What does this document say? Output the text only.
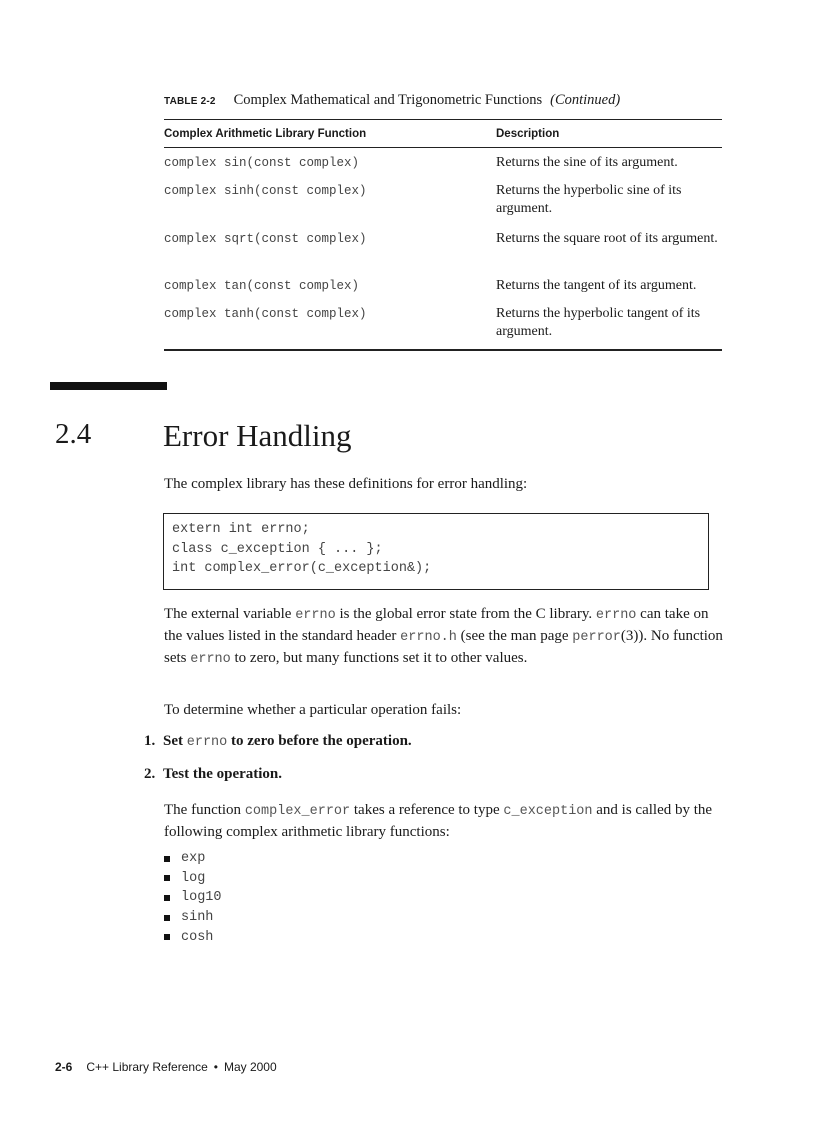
TABLE 2-2 Complex Mathematical and Trigonometric Functions (Continued)
Complex Arithmetic Library Function	Description
complex sin(const complex)	Returns the sine of its argument.
complex sinh(const complex)	Returns the hyperbolic sine of its argument.
complex sqrt(const complex)	Returns the square root of its argument.
complex tan(const complex)	Returns the tangent of its argument.
complex tanh(const complex)	Returns the hyperbolic tangent of its argument.
2.4 Error Handling
The complex library has these definitions for error handling:
extern int errno;
class c_exception { ... };
int complex_error(c_exception&);
The external variable errno is the global error state from the C library. errno can take on the values listed in the standard header errno.h (see the man page perror(3)). No function sets errno to zero, but many functions set it to other values.
To determine whether a particular operation fails:
1. Set errno to zero before the operation.
2. Test the operation.
The function complex_error takes a reference to type c_exception and is called by the following complex arithmetic library functions:
exp
log
log10
sinh
cosh
2-6 C++ Library Reference • May 2000
